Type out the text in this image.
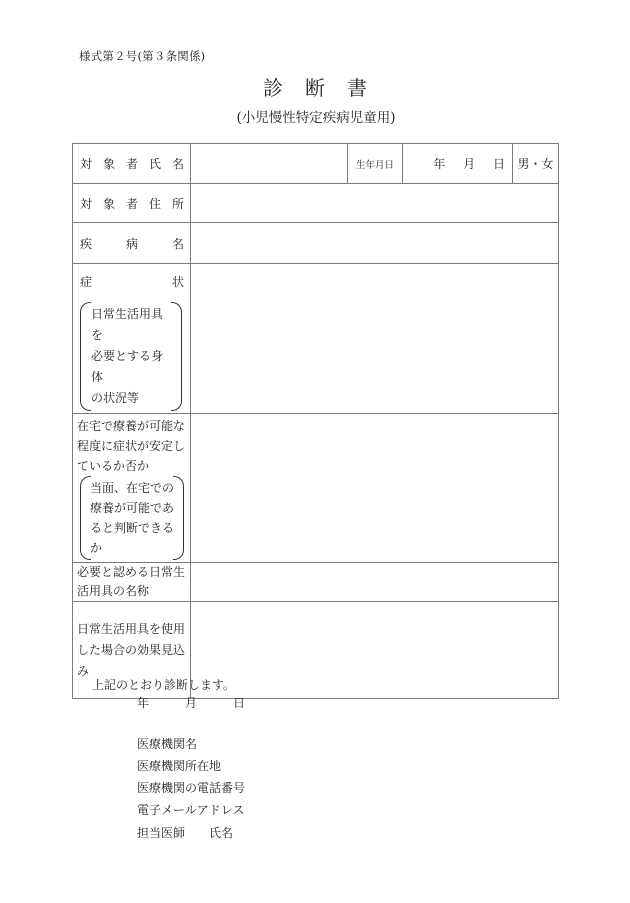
様式第２号(第３条関係)
診 断 書
(小児慢性特定疾病児童用)
対 象 者 氏 名		生年月日	年 月 日	男・女

対 象 者 住 所				

疾 病 名				

症 状
日常生活用具を
必要とする身体
の状況等				

在宅で療養が可能な
程度に症状が安定し
ているか否か
当面、在宅での
療養が可能であ
ると判断できる
か

必要と認める日常生
活用具の名称				

日常生活用具を使用
した場合の効果見込
み				

上記のとおり診断します。
年	月	日
医療機関名
医療機関所在地
医療機関の電話番号
電子メールアドレス
担当医師　　氏名
